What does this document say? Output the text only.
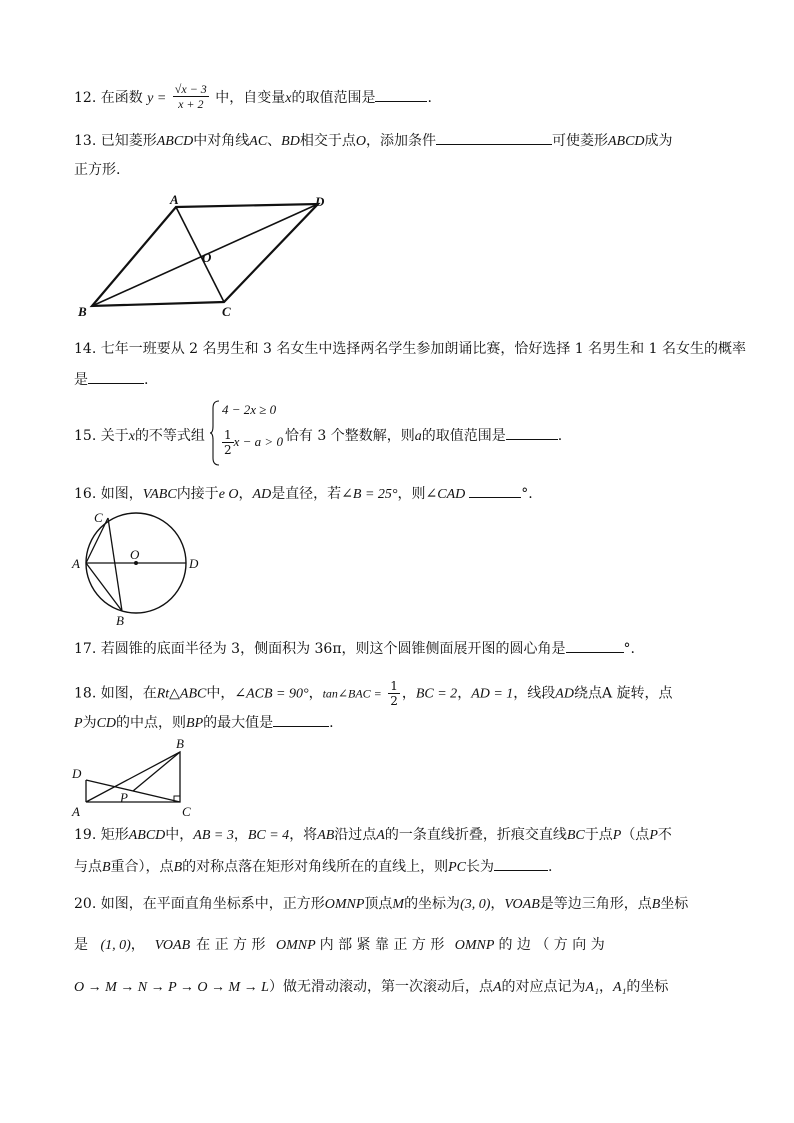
12. 在函数 $y = \frac{√x - 3}{x + 2}$ 中，自变量x的取值范围是	.
13. 已知菱形ABCD中对角线AC、BD相交于点O，添加条件	可使菱形ABCD成为
正方形.
A	D
O
B	C
14. 七年一班要从 2 名男生和 3 名女生中选择两名学生参加朗诵比赛，恰好选择 1 名男生和 1 名女生的概率
是	.
15. 关于x的不等式组	恰有 3 个整数解，则a的取值范围是	.
4 − 2x ≥ 0
$\frac{1}{2}$ x − a > 0
16. 如图，VABC内接于e O，AD是直径，若∠B = 25°，则∠CAD	°.
C
O
A	D
B
17. 若圆锥的底面半径为 3，侧面积为 36π，则这个圆锥侧面展开图的圆心角是	°.
18. 如图，在Rt△ABC中，∠ACB = 90°，tan∠BAC = $\frac{1}{2}$ ，BC = 2，AD = 1，线段AD绕点A 旋转，点
P为CD的中点，则BP的最大值是	.
B
D
P
A	C
19. 矩形ABCD中，AB = 3，BC = 4，将AB沿过点A的一条直线折叠，折痕交直线BC于点P（点P不
与点B重合），点B的对称点落在矩形对角线所在的直线上，则PC长为	.
20. 如图，在平面直角坐标系中，正方形OMNP顶点M的坐标为(3, 0)，VOAB是等边三角形，点B坐标
是 (1, 0)， VOAB 在 正 方 形 OMNP 内 部 紧 靠 正 方 形 OMNP 的 边 （ 方 向 为
O → M → N → P → O → M → L）做无滑动滚动，第一次滚动后，点A的对应点记为A₁，A₁的坐标
